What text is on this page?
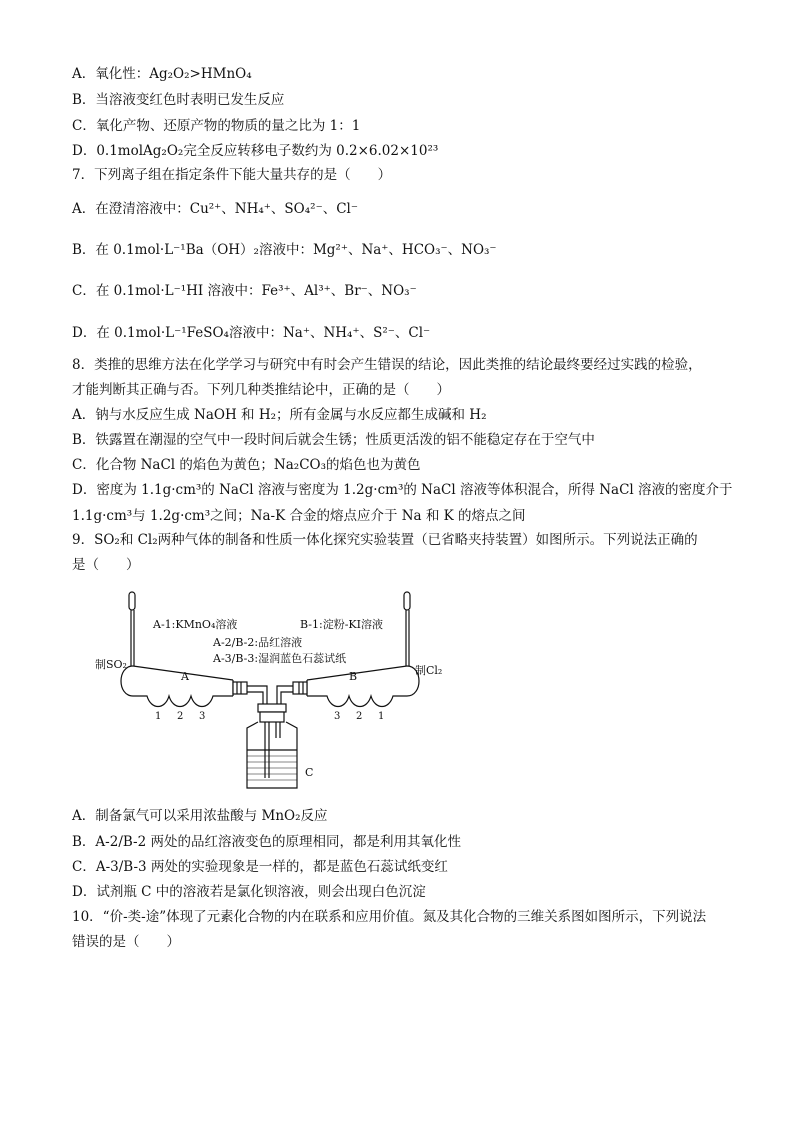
A．氧化性：Ag₂O₂>HMnO₄
B．当溶液变红色时表明已发生反应
C．氧化产物、还原产物的物质的量之比为 1：1
D．0.1molAg₂O₂完全反应转移电子数约为 0.2×6.02×10²³
7．下列离子组在指定条件下能大量共存的是（　　）
A．在澄清溶液中：Cu²⁺、NH₄⁺、SO₄²⁻、Cl⁻
B．在 0.1mol·L⁻¹Ba（OH）₂溶液中：Mg²⁺、Na⁺、HCO₃⁻、NO₃⁻
C．在 0.1mol·L⁻¹HI 溶液中：Fe³⁺、Al³⁺、Br⁻、NO₃⁻
D．在 0.1mol·L⁻¹FeSO₄溶液中：Na⁺、NH₄⁺、S²⁻、Cl⁻
8．类推的思维方法在化学学习与研究中有时会产生错误的结论，因此类推的结论最终要经过实践的检验，
才能判断其正确与否。下列几种类推结论中，正确的是（　　）
A．钠与水反应生成 NaOH 和 H₂；所有金属与水反应都生成碱和 H₂
B．铁露置在潮湿的空气中一段时间后就会生锈；性质更活泼的铝不能稳定存在于空气中
C．化合物 NaCl 的焰色为黄色；Na₂CO₃的焰色也为黄色
D．密度为 1.1g·cm³的 NaCl 溶液与密度为 1.2g·cm³的 NaCl 溶液等体积混合，所得 NaCl 溶液的密度介于
1.1g·cm³与 1.2g·cm³之间；Na-K 合金的熔点应介于 Na 和 K 的熔点之间
9．SO₂和 Cl₂两种气体的制备和性质一体化探究实验装置（已省略夹持装置）如图所示。下列说法正确的
是（　　）
A-1:KMnO₄溶液	B-1:淀粉-KI溶液
A-2/B-2:品红溶液
A-3/B-3:湿润蓝色石蕊试纸
制SO₂	制Cl₂
A	B
C
1 2 3	3 2 1
A．制备氯气可以采用浓盐酸与 MnO₂反应
B．A-2/B-2 两处的品红溶液变色的原理相同，都是利用其氧化性
C．A-3/B-3 两处的实验现象是一样的，都是蓝色石蕊试纸变红
D．试剂瓶 C 中的溶液若是氯化钡溶液，则会出现白色沉淀
10．“价-类-途”体现了元素化合物的内在联系和应用价值。氮及其化合物的三维关系图如图所示，下列说法
错误的是（　　）
